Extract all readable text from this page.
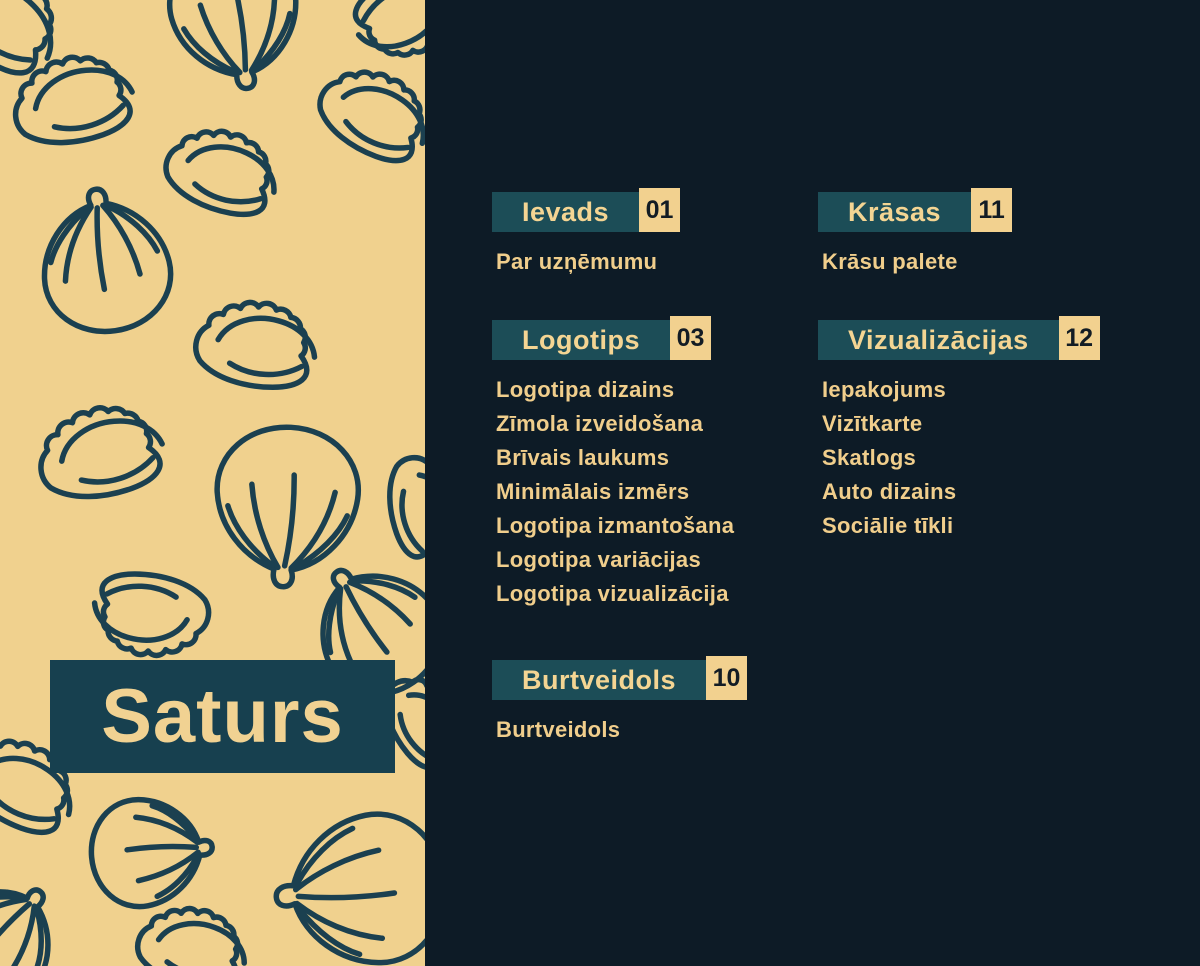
Saturs
Ievads 01
Par uzņēmumu
Logotips 03
Logotipa dizains
Zīmola izveidošana
Brīvais laukums
Minimālais izmērs
Logotipa izmantošana
Logotipa variācijas
Logotipa vizualizācija
Burtveidols 10
Burtveidols
Krāsas 11
Krāsu palete
Vizualizācijas 12
Iepakojums
Vizītkarte
Skatlogs
Auto dizains
Sociālie tīkli
